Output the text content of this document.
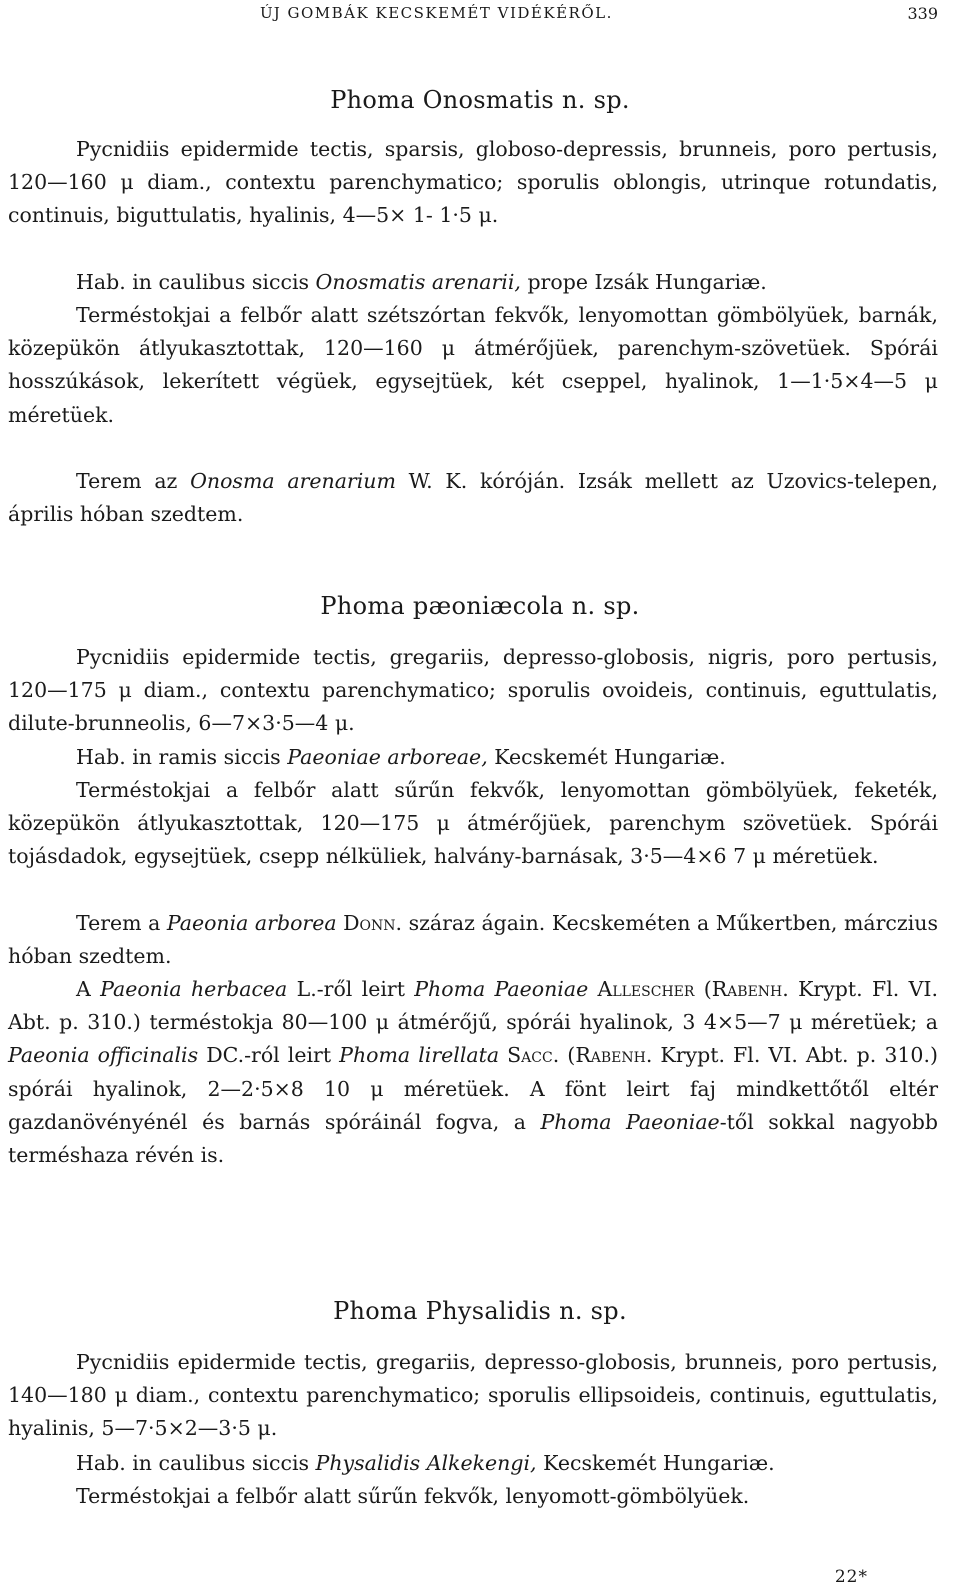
ÚJ GOMBÁK KECSKEMÉT VIDÉKÉRŐL.	339
Phoma Onosmatis n. sp.

Pycnidiis epidermide tectis, sparsis, globoso-depressis, brunneis, poro pertusis, 120—160 μ diam., contextu parenchymatico; sporulis oblongis, utrinque rotundatis, continuis, biguttulatis, hyalinis, 4—5× 1- 1·5 μ.

Hab. in caulibus siccis Onosmatis arenarii, prope Izsák Hungariæ.

Terméstokjai a felbőr alatt szétszórtan fekvők, lenyomottan gömbölyüek, barnák, közepükön átlyukasztottak, 120—160 μ átmérőjüek, parenchym-szövetüek. Spórái hosszúkások, lekerített végüek, egysejtüek, két cseppel, hyalinok, 1—1·5×4—5 μ méretüek.

Terem az Onosma arenarium W. K. kóróján. Izsák mellett az Uzovics-telepen, április hóban szedtem.

Phoma pæoniæcola n. sp.

Pycnidiis epidermide tectis, gregariis, depresso-globosis, nigris, poro pertusis, 120—175 μ diam., contextu parenchymatico; sporulis ovoideis, continuis, eguttulatis, dilute-brunneolis, 6—7×3·5—4 μ.

Hab. in ramis siccis Paeoniae arboreae, Kecskemét Hungariæ.

Terméstokjai a felbőr alatt sűrűn fekvők, lenyomottan gömbölyüek, feketék, közepükön átlyukasztottak, 120—175 μ átmérőjüek, parenchym szövetüek. Spórái tojásdadok, egysejtüek, csepp nélküliek, halvány-barnásak, 3·5—4×6 7 μ méretüek.

Terem a Paeonia arborea Donn. száraz ágain. Kecskeméten a Műkertben, márczius hóban szedtem.

A Paeonia herbacea L.-ről leirt Phoma Paeoniae Allescher (Rabenh. Krypt. Fl. VI. Abt. p. 310.) terméstokja 80—100 μ átmérőjű, spórái hyalinok, 3 4×5—7 μ méretüek; a Paeonia officinalis DC.-ról leirt Phoma lirellata Sacc. (Rabenh. Krypt. Fl. VI. Abt. p. 310.) spórái hyalinok, 2—2·5×8 10 μ méretüek. A fönt leirt faj mindkettőtől eltér gazdanövényénél és barnás spóráinál fogva, a Phoma Paeoniae-től sokkal nagyobb terméshaza révén is.

Phoma Physalidis n. sp.

Pycnidiis epidermide tectis, gregariis, depresso-globosis, brunneis, poro pertusis, 140—180 μ diam., contextu parenchymatico; sporulis ellipsoideis, continuis, eguttulatis, hyalinis, 5—7·5×2—3·5 μ.

Hab. in caulibus siccis Physalidis Alkekengi, Kecskemét Hungariæ.

Terméstokjai a felbőr alatt sűrűn fekvők, lenyomott-gömbölyüek.

22*
